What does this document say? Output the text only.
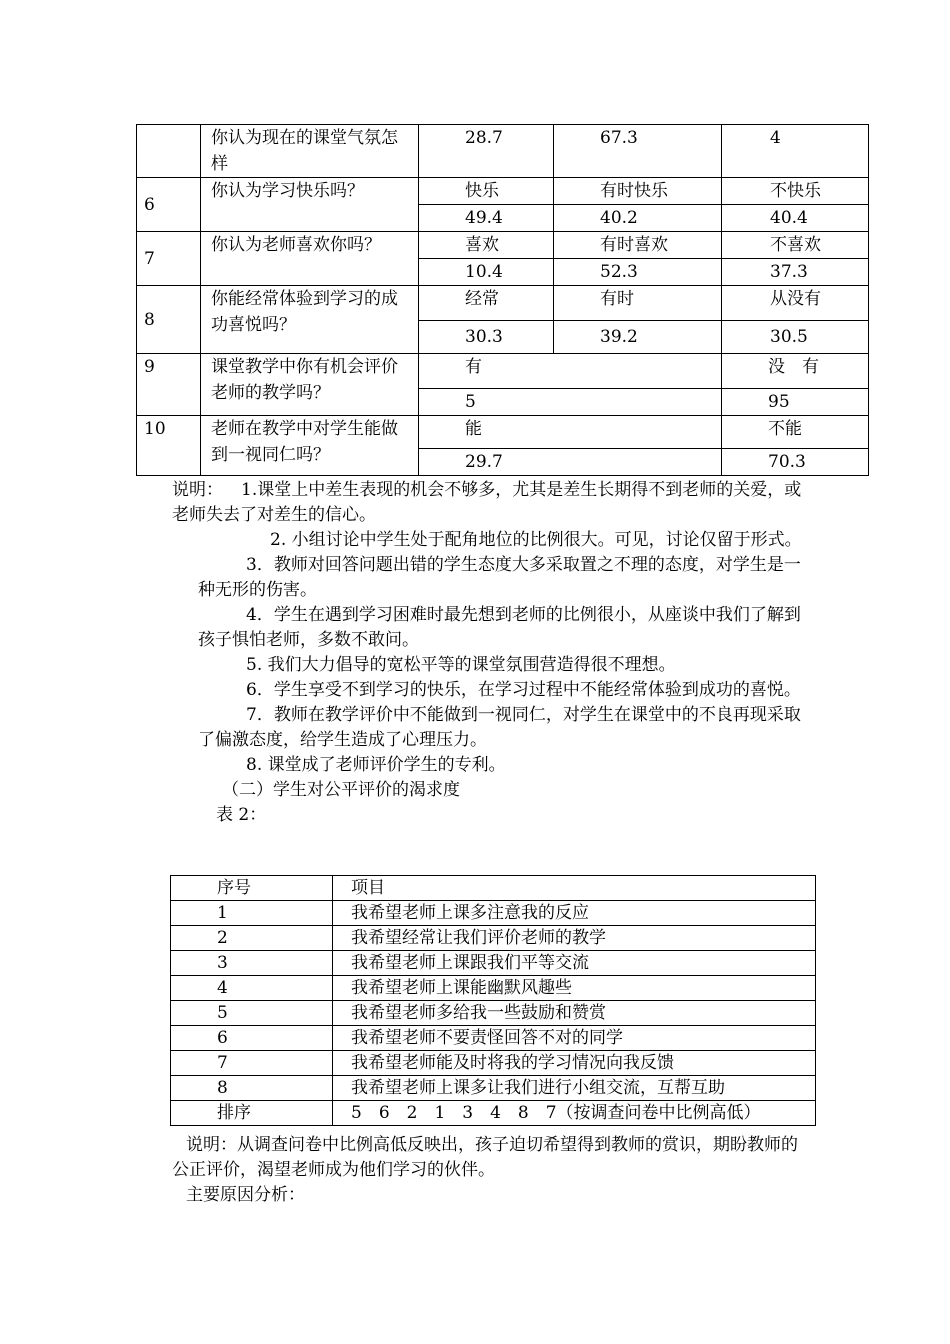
	你认为现在的课堂气氛怎样	28.7	67.3	4
6	你认为学习快乐吗？	快乐	有时快乐	不快乐
		49.4	40.2	40.4
7	你认为老师喜欢你吗？	喜欢	有时喜欢	不喜欢
		10.4	52.3	37.3
8	你能经常体验到学习的成功喜悦吗？	经常	有时	从没有
		30.3	39.2	30.5
9	课堂教学中你有机会评价老师的教学吗？	有		没　有
		5		95
10	老师在教学中对学生能做到一视同仁吗？	能		不能
		29.7		70.3

说明： 1.课堂上中差生表现的机会不够多，尤其是差生长期得不到老师的关爱，或老师失去了对差生的信心。

2. 小组讨论中学生处于配角地位的比例很大。可见，讨论仅留于形式。

3．教师对回答问题出错的学生态度大多采取置之不理的态度，对学生是一种无形的伤害。

4．学生在遇到学习困难时最先想到老师的比例很小，从座谈中我们了解到孩子惧怕老师，多数不敢问。

5. 我们大力倡导的宽松平等的课堂氛围营造得很不理想。

6．学生享受不到学习的快乐，在学习过程中不能经常体验到成功的喜悦。

7．教师在教学评价中不能做到一视同仁，对学生在课堂中的不良再现采取了偏激态度，给学生造成了心理压力。

8. 课堂成了老师评价学生的专利。

（二）学生对公平评价的渴求度

表 2：

序号	项目
1	我希望老师上课多注意我的反应
2	我希望经常让我们评价老师的教学
3	我希望老师上课跟我们平等交流
4	我希望老师上课能幽默风趣些
5	我希望老师多给我一些鼓励和赞赏
6	我希望老师不要责怪回答不对的同学
7	我希望老师能及时将我的学习情况向我反馈
8	我希望老师上课多让我们进行小组交流，互帮互助
排序	5　6　2　1　3　4　8　7（按调查问卷中比例高低）

说明：从调查问卷中比例高低反映出，孩子迫切希望得到教师的赏识，期盼教师的公正评价，渴望老师成为他们学习的伙伴。

主要原因分析：
